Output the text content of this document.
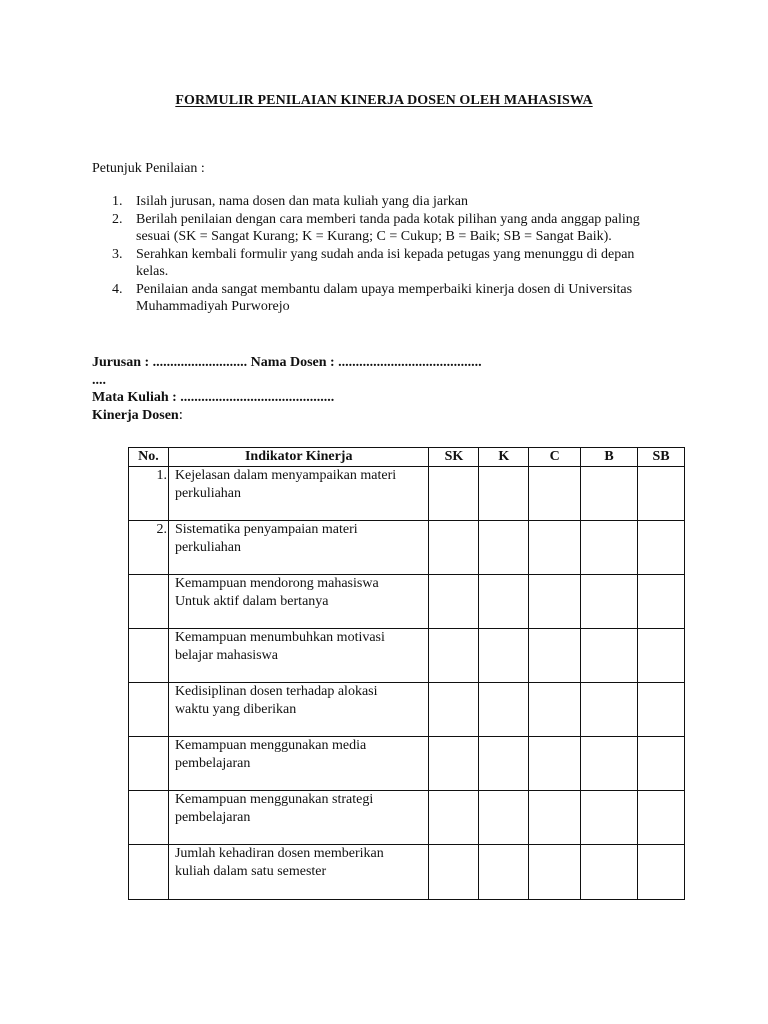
FORMULIR PENILAIAN KINERJA DOSEN OLEH MAHASISWA
Petunjuk Penilaian :
1. Isilah jurusan, nama dosen dan mata kuliah yang dia jarkan
2. Berilah penilaian dengan cara memberi tanda pada kotak pilihan yang anda anggap paling
sesuai (SK = Sangat Kurang; K = Kurang; C = Cukup; B = Baik; SB = Sangat Baik).
3. Serahkan kembali formulir yang sudah anda isi kepada petugas yang menunggu di depan
kelas.
4. Penilaian anda sangat membantu dalam upaya memperbaiki kinerja dosen di Universitas
Muhammadiyah Purworejo
Jurusan : ........................... Nama Dosen : .........................................
....
Mata Kuliah : ............................................
Kinerja Dosen:
No.	Indikator Kinerja	SK	K	C	B	SB
1.	Kejelasan dalam menyampaikan materi
perkuliahan					

2.	Sistematika penyampaian materi
perkuliahan					

	Kemampuan mendorong mahasiswa
Untuk aktif dalam bertanya					

	Kemampuan menumbuhkan motivasi
belajar mahasiswa					

	Kedisiplinan dosen terhadap alokasi
waktu yang diberikan					

	Kemampuan menggunakan media
pembelajaran					

	Kemampuan menggunakan strategi
pembelajaran					

	Jumlah kehadiran dosen memberikan
kuliah dalam satu semester					
